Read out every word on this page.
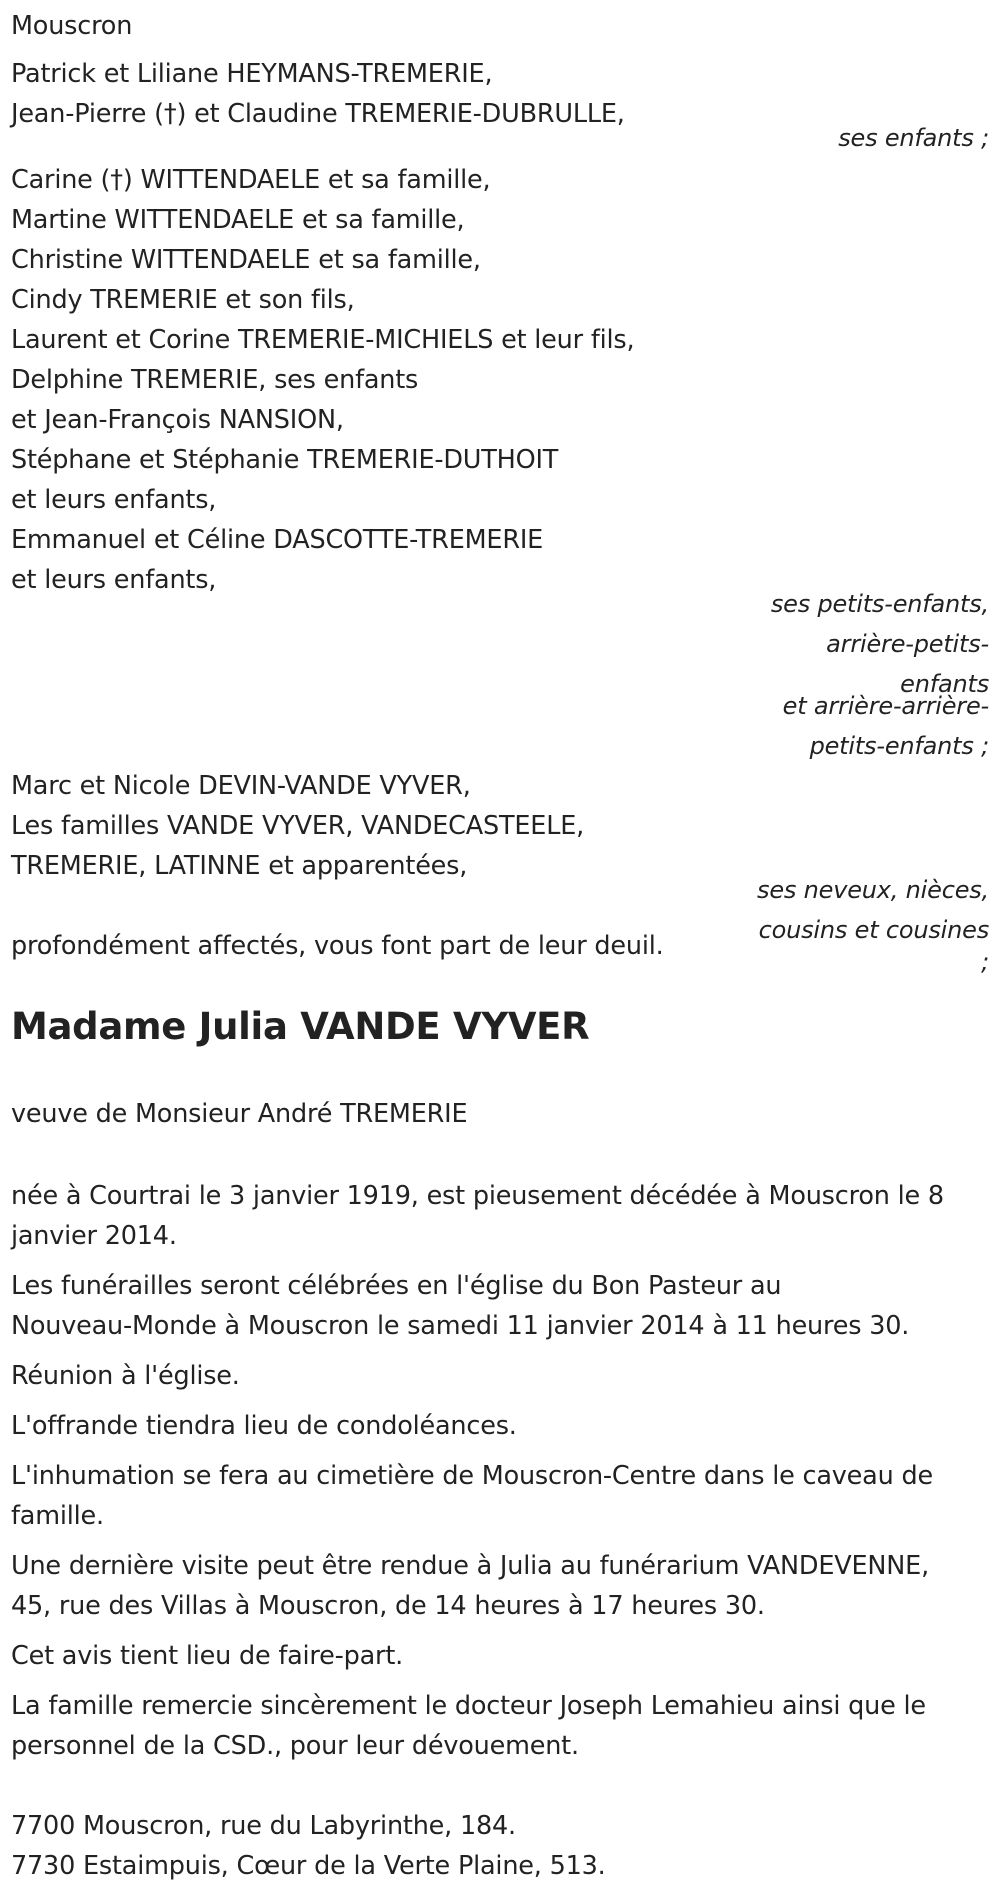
Mouscron
Patrick et Liliane HEYMANS-TREMERIE,
Jean-Pierre (†) et Claudine TREMERIE-DUBRULLE,
ses enfants ;
Carine (†) WITTENDAELE et sa famille,
Martine WITTENDAELE et sa famille,
Christine WITTENDAELE et sa famille,
Cindy TREMERIE et son fils,
Laurent et Corine TREMERIE-MICHIELS et leur fils,
Delphine TREMERIE, ses enfants
et Jean-François NANSION,
Stéphane et Stéphanie TREMERIE-DUTHOIT
et leurs enfants,
Emmanuel et Céline DASCOTTE-TREMERIE
et leurs enfants,
ses petits-enfants,
arrière-petits-
enfants
et arrière-arrière-
petits-enfants ;
Marc et Nicole DEVIN-VANDE VYVER,
Les familles VANDE VYVER, VANDECASTEELE,
TREMERIE, LATINNE et apparentées,
ses neveux, nièces,
cousins et cousines
;
profondément affectés, vous font part de leur deuil.
Madame Julia VANDE VYVER
veuve de Monsieur André TREMERIE
née à Courtrai le 3 janvier 1919, est pieusement décédée à Mouscron le 8
janvier 2014.
Les funérailles seront célébrées en l'église du Bon Pasteur au
Nouveau-Monde à Mouscron le samedi 11 janvier 2014 à 11 heures 30.
Réunion à l'église.
L'offrande tiendra lieu de condoléances.
L'inhumation se fera au cimetière de Mouscron-Centre dans le caveau de
famille.
Une dernière visite peut être rendue à Julia au funérarium VANDEVENNE,
45, rue des Villas à Mouscron, de 14 heures à 17 heures 30.
Cet avis tient lieu de faire-part.
La famille remercie sincèrement le docteur Joseph Lemahieu ainsi que le
personnel de la CSD., pour leur dévouement.
7700 Mouscron, rue du Labyrinthe, 184.
7730 Estaimpuis, Cœur de la Verte Plaine, 513.
